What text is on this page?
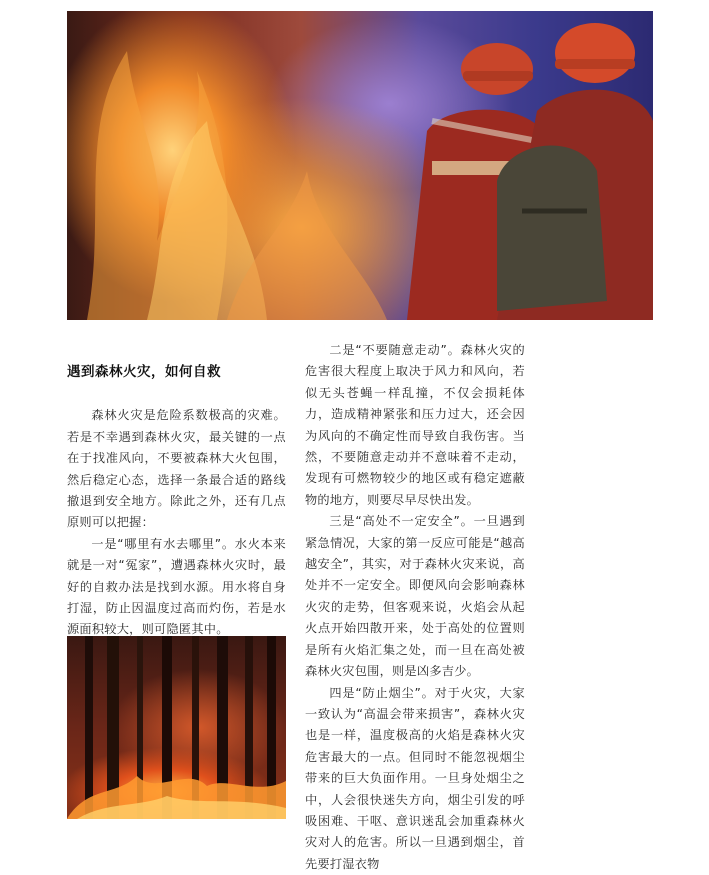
遇到森林火灾，如何自救

森林火灾是危险系数极高的灾难。若是不幸遇到森林火灾，最关键的一点在于找准风向，不要被森林大火包围，然后稳定心态，选择一条最合适的路线撤退到安全地方。除此之外，还有几点原则可以把握：

一是“哪里有水去哪里”。水火本来就是一对“冤家”，遭遇森林火灾时，最好的自救办法是找到水源。用水将自身打湿，防止因温度过高而灼伤，若是水源面积较大，则可隐匿其中。

二是“不要随意走动”。森林火灾的危害很大程度上取决于风力和风向，若似无头苍蝇一样乱撞，不仅会损耗体力，造成精神紧张和压力过大，还会因为风向的不确定性而导致自我伤害。当然，不要随意走动并不意味着不走动，发现有可燃物较少的地区或有稳定遮蔽物的地方，则要尽早尽快出发。

三是“高处不一定安全”。一旦遇到紧急情况，大家的第一反应可能是“越高越安全”，其实，对于森林火灾来说，高处并不一定安全。即便风向会影响森林火灾的走势，但客观来说，火焰会从起火点开始四散开来，处于高处的位置则是所有火焰汇集之处，而一旦在高处被森林火灾包围，则是凶多吉少。

四是“防止烟尘”。对于火灾，大家一致认为“高温会带来损害”，森林火灾也是一样，温度极高的火焰是森林火灾危害最大的一点。但同时不能忽视烟尘带来的巨大负面作用。一旦身处烟尘之中，人会很快迷失方向，烟尘引发的呼吸困难、干呕、意识迷乱会加重森林火灾对人的危害。所以一旦遇到烟尘，首先要打湿衣物
